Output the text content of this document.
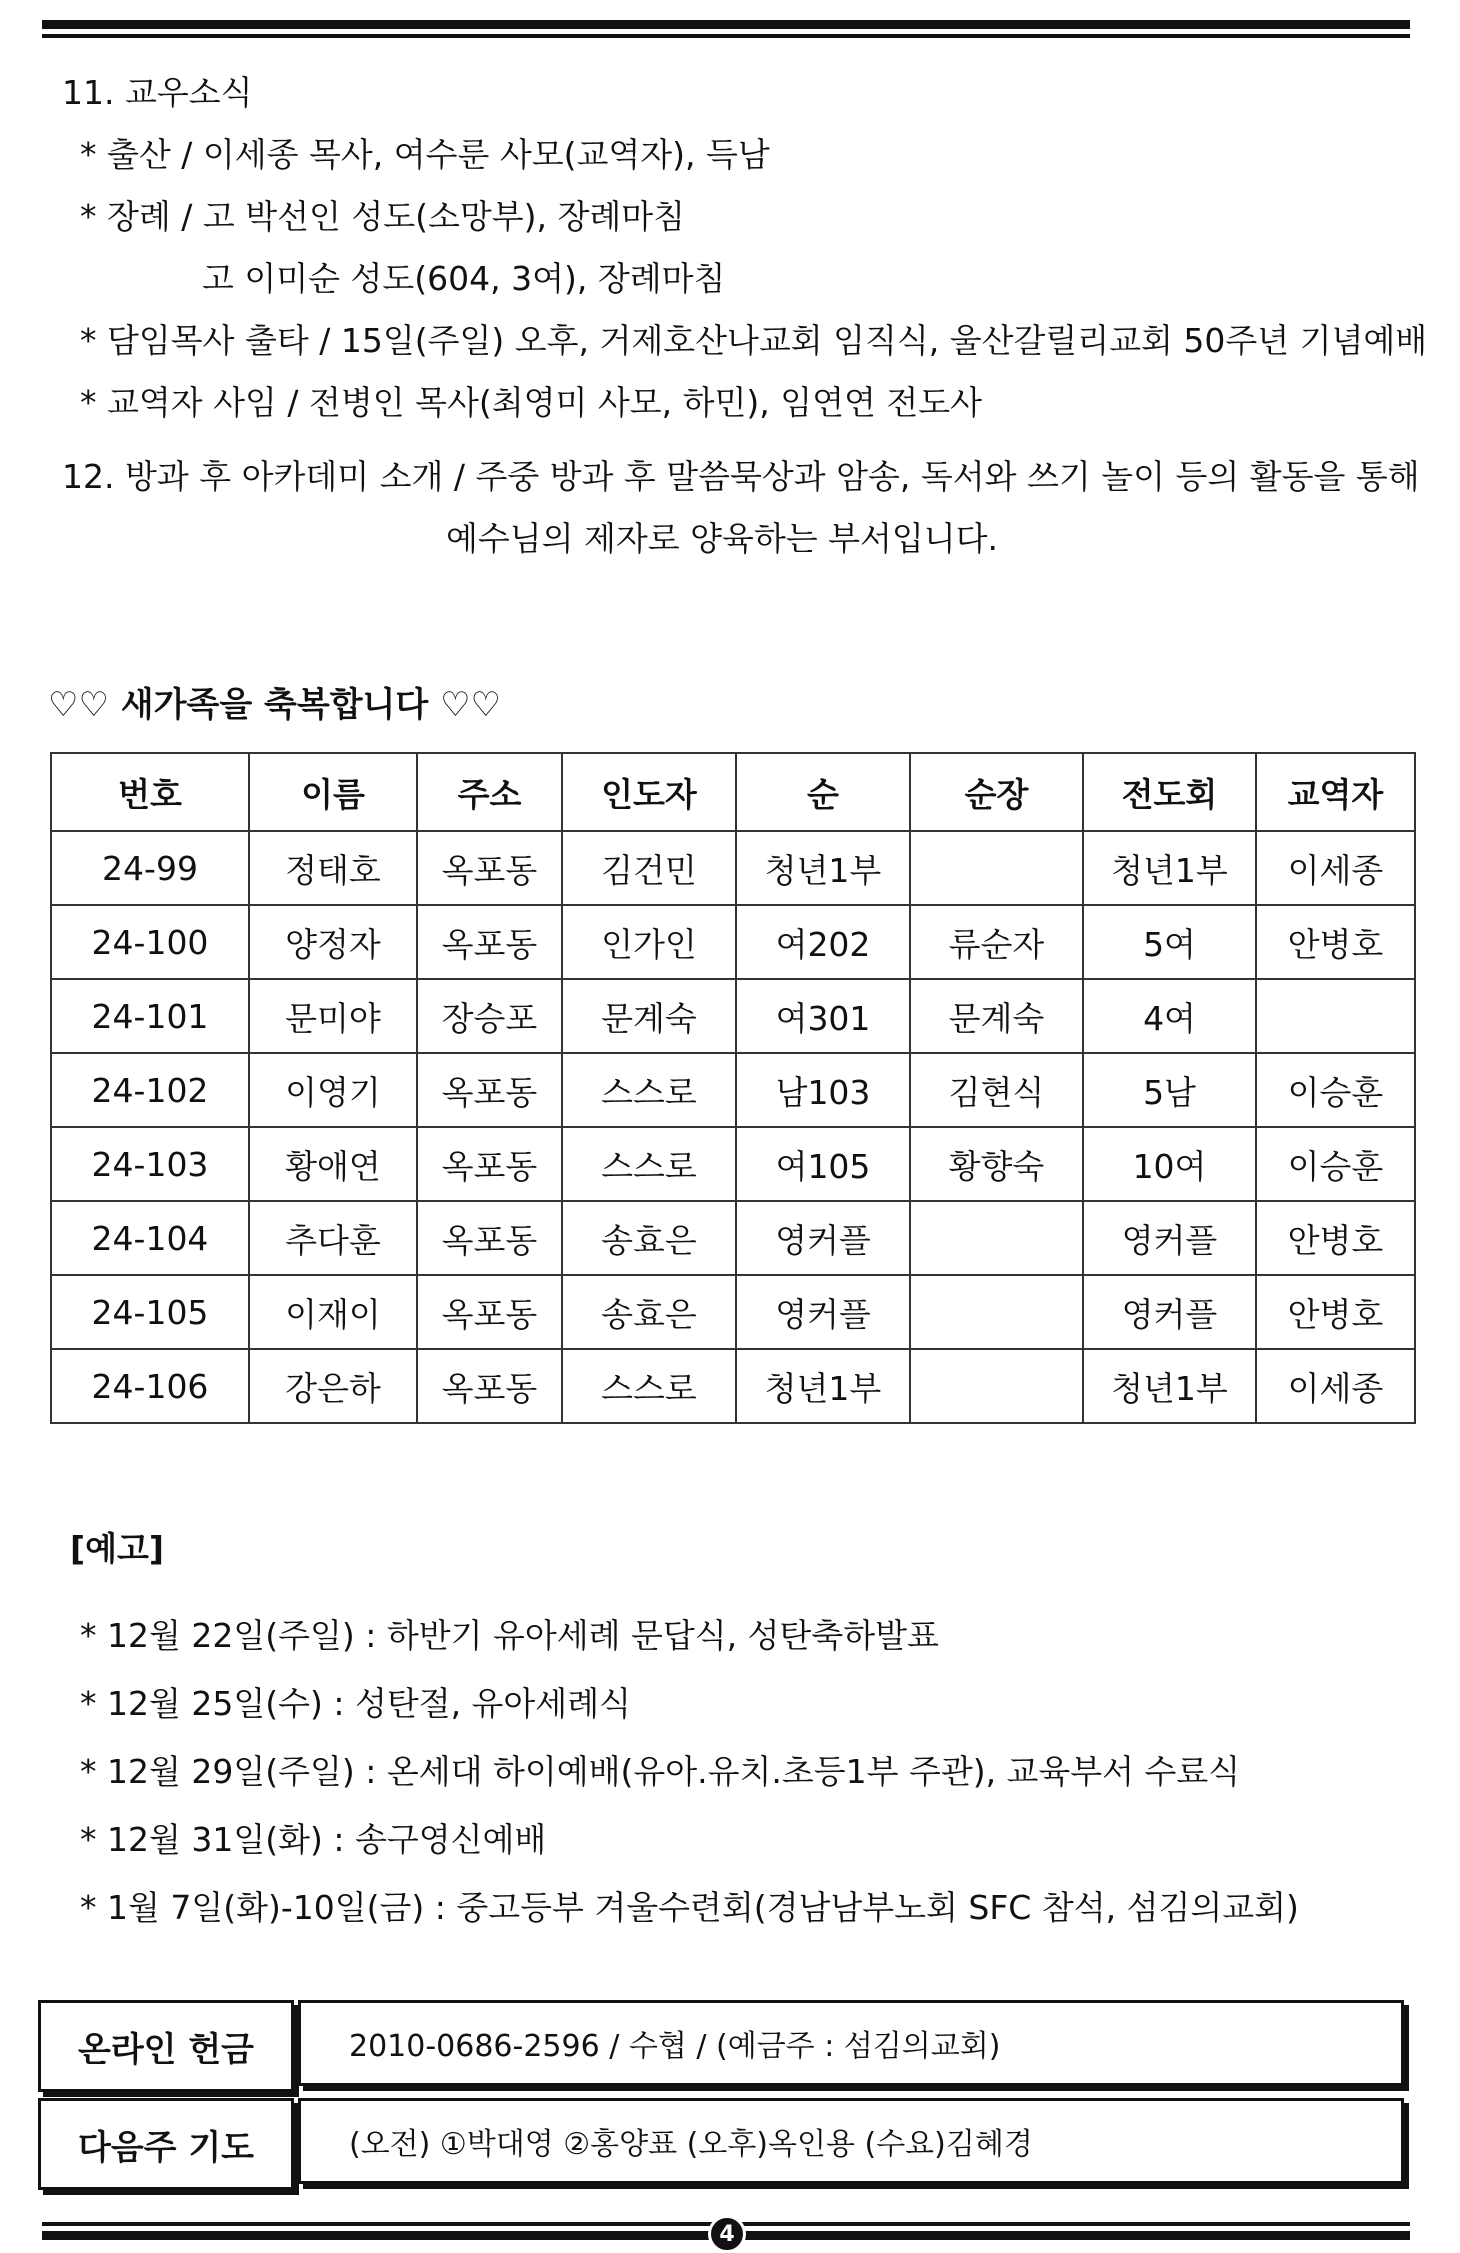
11. 교우소식
* 출산 / 이세종 목사, 여수룬 사모(교역자), 득남
* 장례 / 고 박선인 성도(소망부), 장례마침
고 이미순 성도(604, 3여), 장례마침
* 담임목사 출타 / 15일(주일) 오후, 거제호산나교회 임직식, 울산갈릴리교회 50주년 기념예배
* 교역자 사임 / 전병인 목사(최영미 사모, 하민), 임연연 전도사
12. 방과 후 아카데미 소개 / 주중 방과 후 말씀묵상과 암송, 독서와 쓰기 놀이 등의 활동을 통해
예수님의 제자로 양육하는 부서입니다.
♡♡ 새가족을 축복합니다 ♡♡
번호	이름	주소	인도자	순	순장	전도회	교역자
24-99	정태호	옥포동	김건민	청년1부		청년1부	이세종
24-100	양정자	옥포동	인가인	여202	류순자	5여	안병호
24-101	문미야	장승포	문계숙	여301	문계숙	4여	
24-102	이영기	옥포동	스스로	남103	김현식	5남	이승훈
24-103	황애연	옥포동	스스로	여105	황향숙	10여	이승훈
24-104	추다훈	옥포동	송효은	영커플		영커플	안병호
24-105	이재이	옥포동	송효은	영커플		영커플	안병호
24-106	강은하	옥포동	스스로	청년1부		청년1부	이세종
[예고]
* 12월 22일(주일) : 하반기 유아세례 문답식, 성탄축하발표
* 12월 25일(수) : 성탄절, 유아세례식
* 12월 29일(주일) : 온세대 하이예배(유아.유치.초등1부 주관), 교육부서 수료식
* 12월 31일(화) : 송구영신예배
* 1월 7일(화)-10일(금) : 중고등부 겨울수련회(경남남부노회 SFC 참석, 섬김의교회)
온라인 헌금	2010-0686-2596 / 수협 / (예금주 : 섬김의교회)
다음주 기도	(오전) ①박대영 ②홍양표 (오후)옥인용 (수요)김혜경
4
